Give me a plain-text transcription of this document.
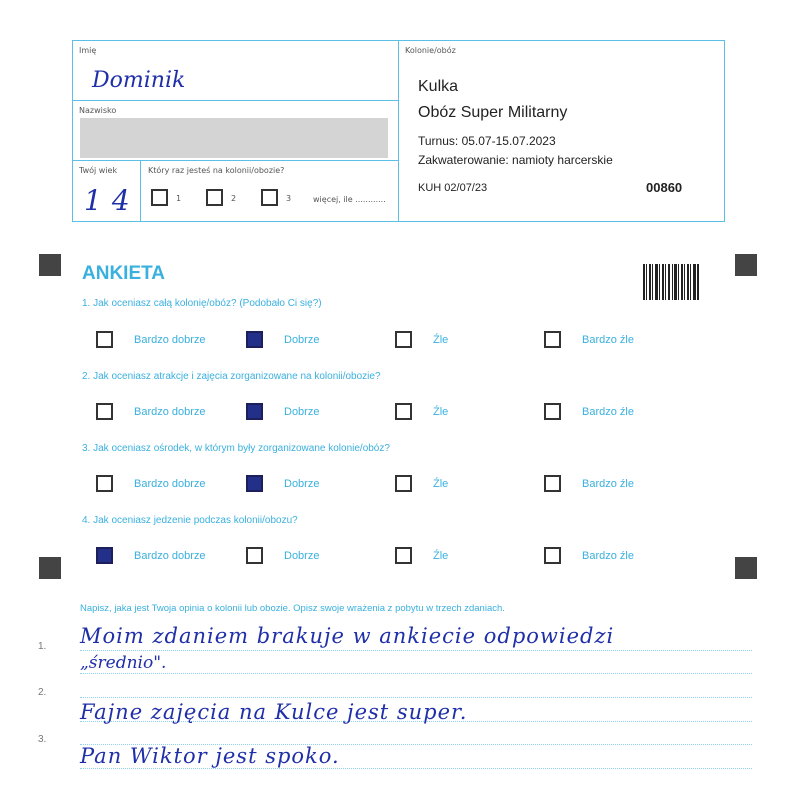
Imię
Dominik
Nazwisko
Twój wiek
14
Który raz jesteś na kolonii/obozie?
1	2	3	więcej, ile ............
Kolonie/obóz
Kulka
Obóz Super Militarny
Turnus: 05.07-15.07.2023
Zakwaterowanie: namioty harcerskie
KUH 02/07/23	00860
ANKIETA
1. Jak oceniasz całą kolonię/obóz? (Podobało Ci się?)
Bardzo dobrze	Dobrze	Źle	Bardzo źle
2. Jak oceniasz atrakcje i zajęcia zorganizowane na kolonii/obozie?
Bardzo dobrze	Dobrze	Źle	Bardzo źle
3. Jak oceniasz ośrodek, w którym były zorganizowane kolonie/obóz?
Bardzo dobrze	Dobrze	Źle	Bardzo źle
4. Jak oceniasz jedzenie podczas kolonii/obozu?
Bardzo dobrze	Dobrze	Źle	Bardzo źle
Napisz, jaka jest Twoja opinia o kolonii lub obozie. Opisz swoje wrażenia z pobytu w trzech zdaniach.
1.
2.
3.
Moim zdaniem brakuje w ankiecie odpowiedzi
„średnio".
Fajne zajęcia na Kulce jest super.
Pan Wiktor jest spoko.
